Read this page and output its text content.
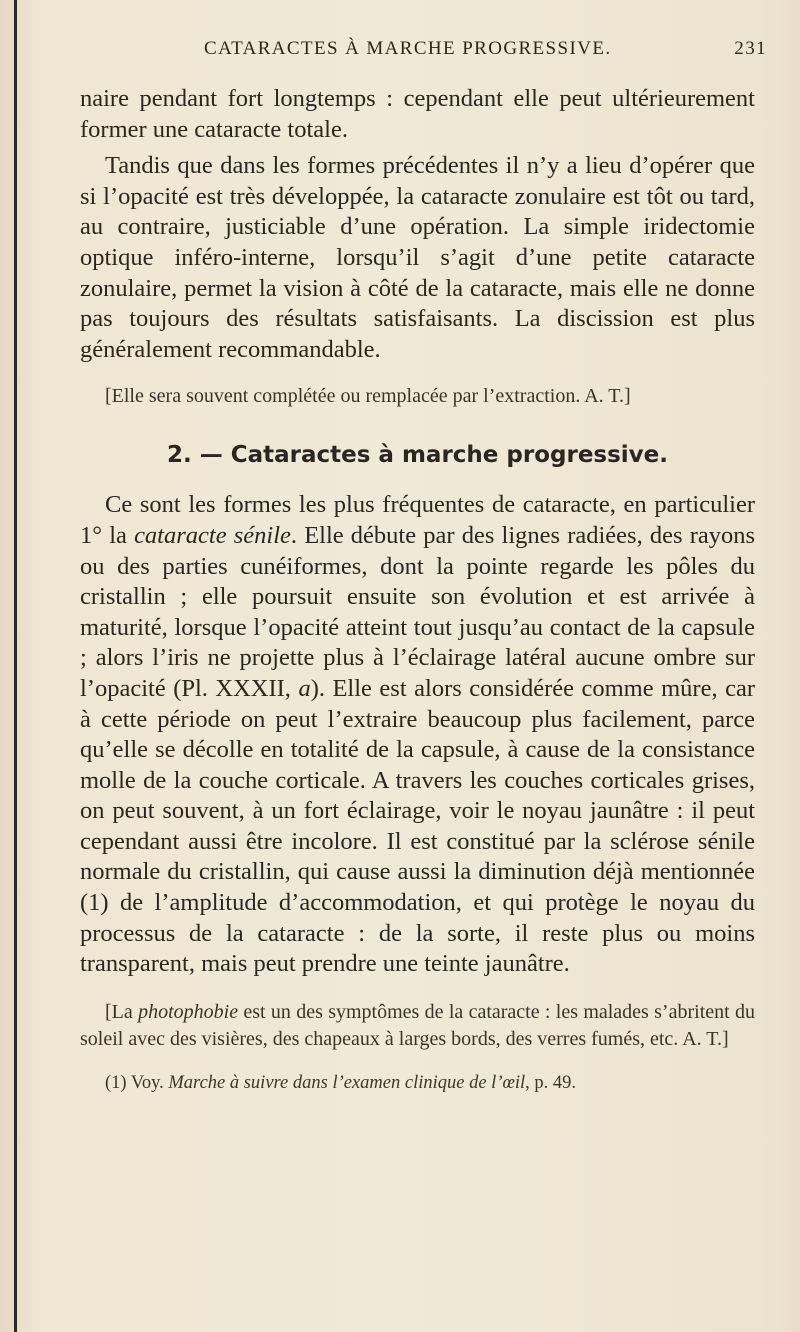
CATARACTES À MARCHE PROGRESSIVE.	231

naire pendant fort longtemps : cependant elle peut ultérieurement former une cataracte totale.

Tandis que dans les formes précédentes il n’y a lieu d’opérer que si l’opacité est très développée, la cataracte zonulaire est tôt ou tard, au contraire, justiciable d’une opération. La simple iridectomie optique inféro-interne, lorsqu’il s’agit d’une petite cataracte zonulaire, permet la vision à côté de la cataracte, mais elle ne donne pas toujours des résultats satisfaisants. La discission est plus généralement recommandable.

[Elle sera souvent complétée ou remplacée par l’extraction. A. T.]

2. — Cataractes à marche progressive.

Ce sont les formes les plus fréquentes de cataracte, en particulier 1° la cataracte sénile. Elle débute par des lignes radiées, des rayons ou des parties cunéiformes, dont la pointe regarde les pôles du cristallin ; elle poursuit ensuite son évolution et est arrivée à maturité, lorsque l’opacité atteint tout jusqu’au contact de la capsule ; alors l’iris ne projette plus à l’éclairage latéral aucune ombre sur l’opacité (Pl. XXXII, a). Elle est alors considérée comme mûre, car à cette période on peut l’extraire beaucoup plus facilement, parce qu’elle se décolle en totalité de la capsule, à cause de la consistance molle de la couche corticale. A travers les couches corticales grises, on peut souvent, à un fort éclairage, voir le noyau jaunâtre : il peut cependant aussi être incolore. Il est constitué par la sclérose sénile normale du cristallin, qui cause aussi la diminution déjà mentionnée (1) de l’amplitude d’accommodation, et qui protège le noyau du processus de la cataracte : de la sorte, il reste plus ou moins transparent, mais peut prendre une teinte jaunâtre.

[La photophobie est un des symptômes de la cataracte : les malades s’abritent du soleil avec des visières, des chapeaux à larges bords, des verres fumés, etc. A. T.]

(1) Voy. Marche à suivre dans l’examen clinique de l’œil, p. 49.
